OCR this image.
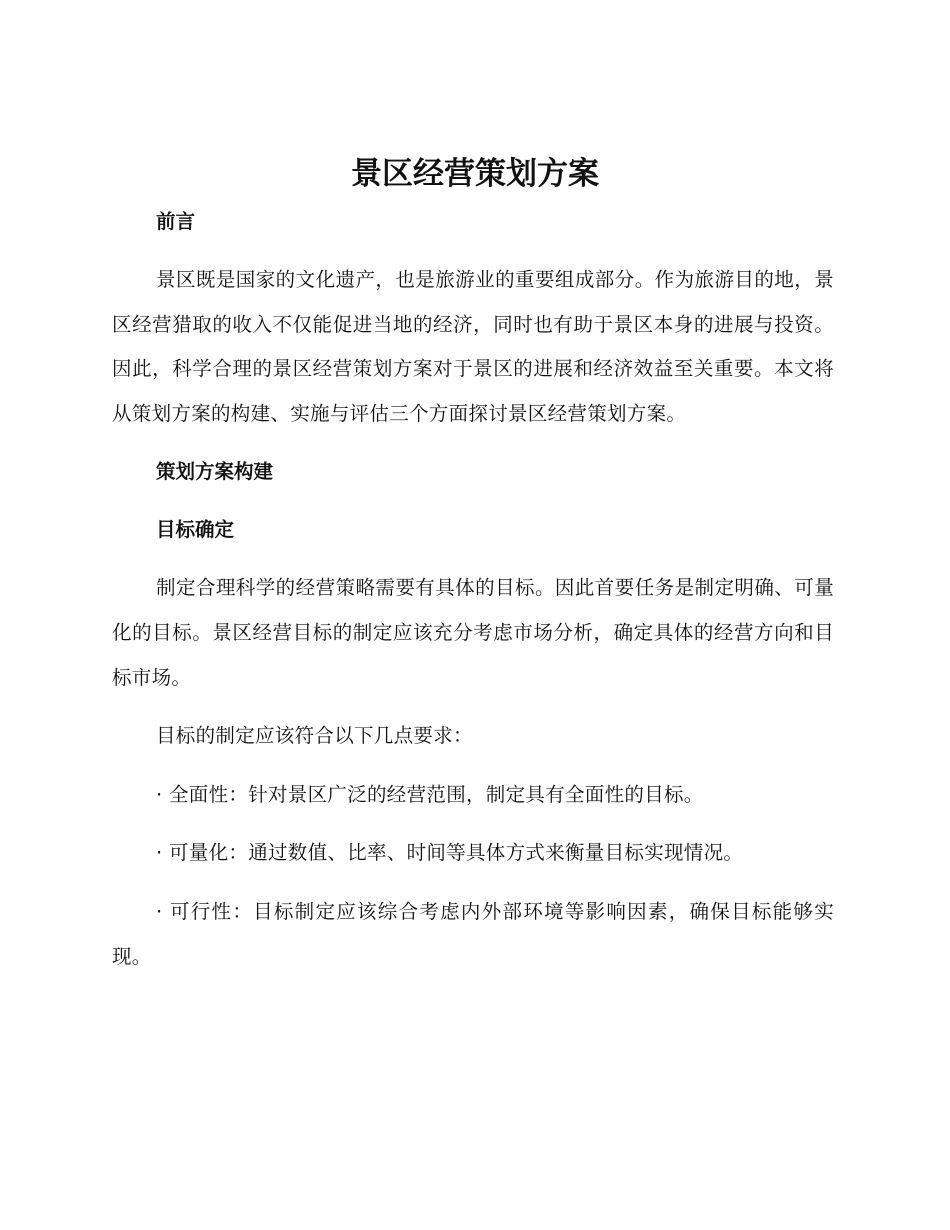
景区经营策划方案

前言

景区既是国家的文化遗产，也是旅游业的重要组成部分。作为旅游目的地，景区经营猎取的收入不仅能促进当地的经济，同时也有助于景区本身的进展与投资。因此，科学合理的景区经营策划方案对于景区的进展和经济效益至关重要。本文将从策划方案的构建、实施与评估三个方面探讨景区经营策划方案。

策划方案构建

目标确定

制定合理科学的经营策略需要有具体的目标。因此首要任务是制定明确、可量化的目标。景区经营目标的制定应该充分考虑市场分析，确定具体的经营方向和目标市场。

目标的制定应该符合以下几点要求：

· 全面性：针对景区广泛的经营范围，制定具有全面性的目标。

· 可量化：通过数值、比率、时间等具体方式来衡量目标实现情况。

· 可行性：目标制定应该综合考虑内外部环境等影响因素，确保目标能够实现。
